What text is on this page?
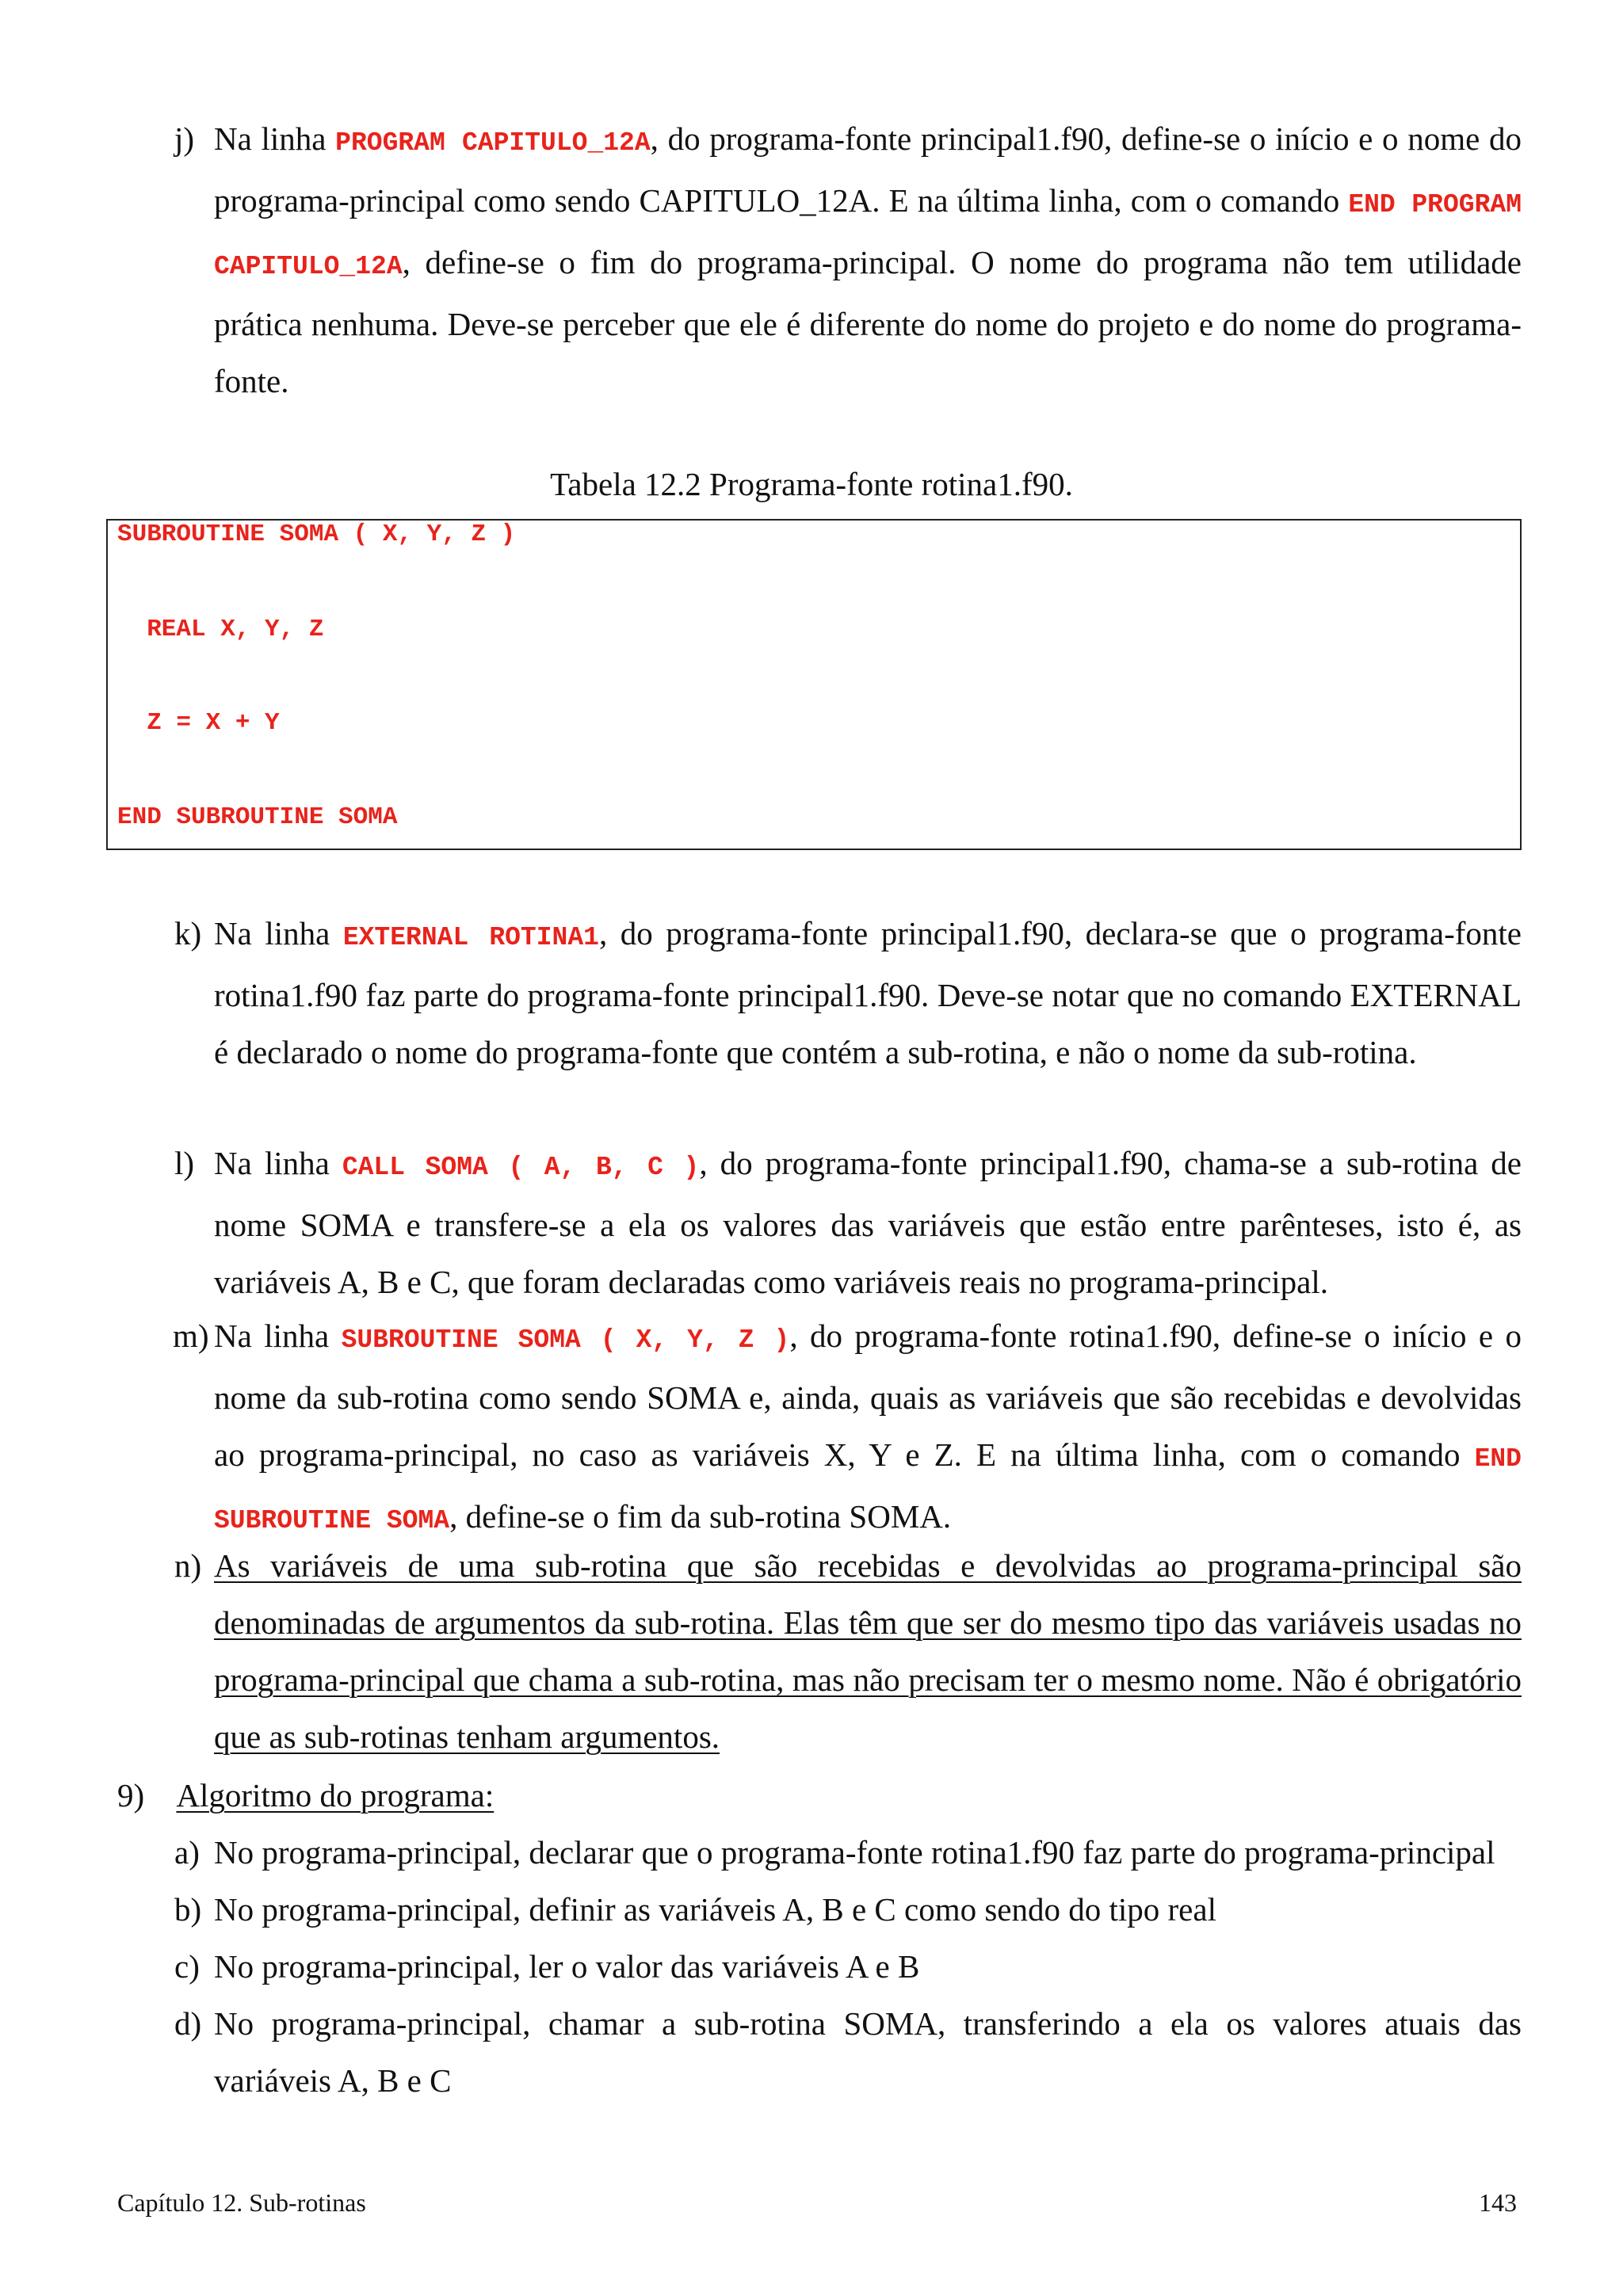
j) Na linha PROGRAM CAPITULO_12A, do programa-fonte principal1.f90, define-se o início e o nome do programa-principal como sendo CAPITULO_12A. E na última linha, com o comando END PROGRAM CAPITULO_12A, define-se o fim do programa-principal. O nome do programa não tem utilidade prática nenhuma. Deve-se perceber que ele é diferente do nome do projeto e do nome do programa-fonte.
Tabela 12.2 Programa-fonte rotina1.f90.
SUBROUTINE SOMA ( X, Y, Z )
REAL X, Y, Z
Z = X + Y
END SUBROUTINE SOMA
k) Na linha EXTERNAL ROTINA1, do programa-fonte principal1.f90, declara-se que o programa-fonte rotina1.f90 faz parte do programa-fonte principal1.f90. Deve-se notar que no comando EXTERNAL é declarado o nome do programa-fonte que contém a sub-rotina, e não o nome da sub-rotina.
l) Na linha CALL SOMA ( A, B, C ), do programa-fonte principal1.f90, chama-se a sub-rotina de nome SOMA e transfere-se a ela os valores das variáveis que estão entre parênteses, isto é, as variáveis A, B e C, que foram declaradas como variáveis reais no programa-principal.
m) Na linha SUBROUTINE SOMA ( X, Y, Z ), do programa-fonte rotina1.f90, define-se o início e o nome da sub-rotina como sendo SOMA e, ainda, quais as variáveis que são recebidas e devolvidas ao programa-principal, no caso as variáveis X, Y e Z. E na última linha, com o comando END SUBROUTINE SOMA, define-se o fim da sub-rotina SOMA.
n) As variáveis de uma sub-rotina que são recebidas e devolvidas ao programa-principal são denominadas de argumentos da sub-rotina. Elas têm que ser do mesmo tipo das variáveis usadas no programa-principal que chama a sub-rotina, mas não precisam ter o mesmo nome. Não é obrigatório que as sub-rotinas tenham argumentos.
9) Algoritmo do programa:
a) No programa-principal, declarar que o programa-fonte rotina1.f90 faz parte do programa-principal
b) No programa-principal, definir as variáveis A, B e C como sendo do tipo real
c) No programa-principal, ler o valor das variáveis A e B
d) No programa-principal, chamar a sub-rotina SOMA, transferindo a ela os valores atuais das variáveis A, B e C
Capítulo 12. Sub-rotinas	143
